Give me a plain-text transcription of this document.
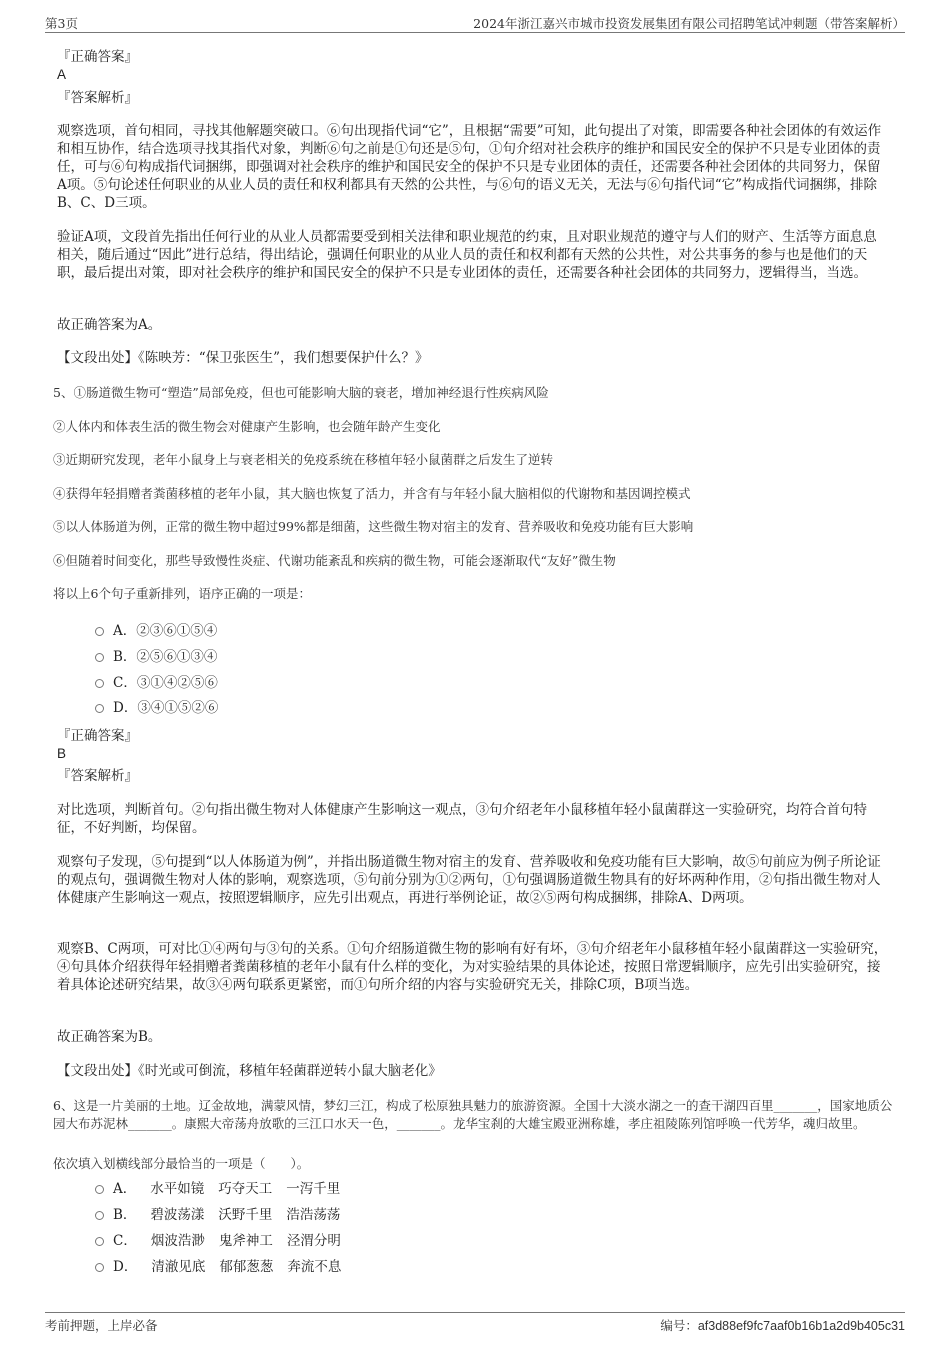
第3页	2024年浙江嘉兴市城市投资发展集团有限公司招聘笔试冲刺题（带答案解析）
『正确答案』
A
『答案解析』
观察选项，首句相同，寻找其他解题突破口。⑥句出现指代词“它”，且根据“需要”可知，此句提出了对策，即需要各种社会团体的有效运作和相互协作，结合选项寻找其指代对象，判断⑥句之前是①句还是⑤句，①句介绍对社会秩序的维护和国民安全的保护不只是专业团体的责任，可与⑥句构成指代词捆绑，即强调对社会秩序的维护和国民安全的保护不只是专业团体的责任，还需要各种社会团体的共同努力，保留A项。⑤句论述任何职业的从业人员的责任和权利都具有天然的公共性，与⑥句的语义无关，无法与⑥句指代词“它”构成指代词捆绑，排除B、C、D三项。
验证A项，文段首先指出任何行业的从业人员都需要受到相关法律和职业规范的约束，且对职业规范的遵守与人们的财产、生活等方面息息相关，随后通过“因此”进行总结，得出结论，强调任何职业的从业人员的责任和权利都有天然的公共性，对公共事务的参与也是他们的天职，最后提出对策，即对社会秩序的维护和国民安全的保护不只是专业团体的责任，还需要各种社会团体的共同努力，逻辑得当，当选。
故正确答案为A。
【文段出处】《陈映芳：“保卫张医生”，我们想要保护什么？》
5、①肠道微生物可“塑造”局部免疫，但也可能影响大脑的衰老，增加神经退行性疾病风险
②人体内和体表生活的微生物会对健康产生影响，也会随年龄产生变化
③近期研究发现，老年小鼠身上与衰老相关的免疫系统在移植年轻小鼠菌群之后发生了逆转
④获得年轻捐赠者粪菌移植的老年小鼠，其大脑也恢复了活力，并含有与年轻小鼠大脑相似的代谢物和基因调控模式
⑤以人体肠道为例，正常的微生物中超过99%都是细菌，这些微生物对宿主的发育、营养吸收和免疫功能有巨大影响
⑥但随着时间变化，那些导致慢性炎症、代谢功能紊乱和疾病的微生物，可能会逐渐取代“友好”微生物
将以上6个句子重新排列，语序正确的一项是：
A．②③⑥①⑤④
B．②⑤⑥①③④
C．③①④②⑤⑥
D．③④①⑤②⑥
『正确答案』
B
『答案解析』
对比选项，判断首句。②句指出微生物对人体健康产生影响这一观点，③句介绍老年小鼠移植年轻小鼠菌群这一实验研究，均符合首句特征，不好判断，均保留。
观察句子发现，⑤句提到“以人体肠道为例”，并指出肠道微生物对宿主的发育、营养吸收和免疫功能有巨大影响，故⑤句前应为例子所论证的观点句，强调微生物对人体的影响，观察选项，⑤句前分别为①②两句，①句强调肠道微生物具有的好坏两种作用，②句指出微生物对人体健康产生影响这一观点，按照逻辑顺序，应先引出观点，再进行举例论证，故②⑤两句构成捆绑，排除A、D两项。
观察B、C两项，可对比①④两句与③句的关系。①句介绍肠道微生物的影响有好有坏，③句介绍老年小鼠移植年轻小鼠菌群这一实验研究，④句具体介绍获得年轻捐赠者粪菌移植的老年小鼠有什么样的变化，为对实验结果的具体论述，按照日常逻辑顺序，应先引出实验研究，接着具体论述研究结果，故③④两句联系更紧密，而①句所介绍的内容与实验研究无关，排除C项，B项当选。
故正确答案为B。
【文段出处】《时光或可倒流，移植年轻菌群逆转小鼠大脑老化》
6、这是一片美丽的土地。辽金故地，满蒙风情，梦幻三江，构成了松原独具魅力的旅游资源。全国十大淡水湖之一的查干湖四百里_______，国家地质公园大布苏泥林_______。康熙大帝荡舟放歌的三江口水天一色，_______。龙华宝刹的大雄宝殿亚洲称雄，孝庄祖陵陈列馆呼唤一代芳华，魂归故里。
依次填入划横线部分最恰当的一项是（　　）。
A． 水平如镜 巧夺天工 一泻千里
B． 碧波荡漾 沃野千里 浩浩荡荡
C． 烟波浩渺 鬼斧神工 泾渭分明
D． 清澈见底 郁郁葱葱 奔流不息
考前押题，上岸必备	编号：af3d88ef9fc7aaf0b16b1a2d9b405c31
